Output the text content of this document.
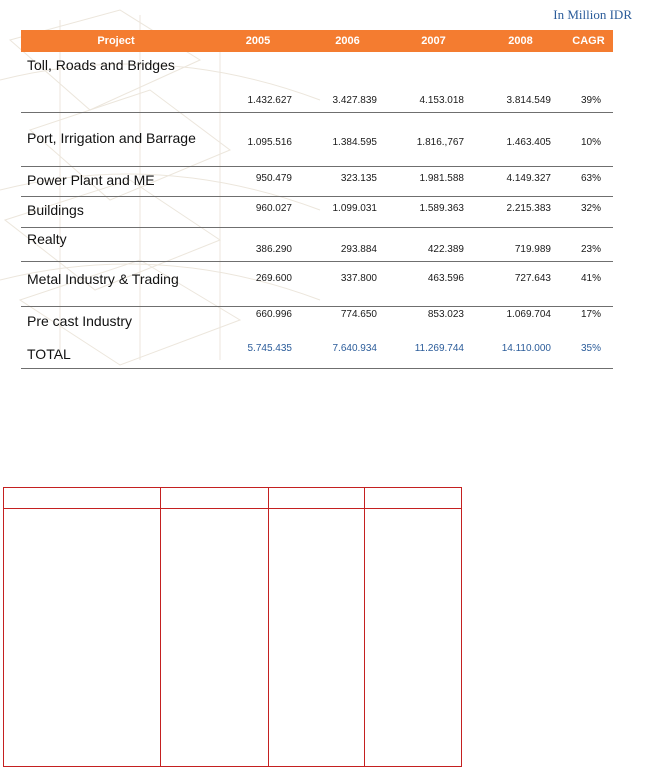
In Million IDR
Project	2005	2006	2007	2008	CAGR
Toll, Roads and Bridges	1.432.627	3.427.839	4.153.018	3.814.549	39%
Port, Irrigation and Barrage	1.095.516	1.384.595	1.816.,767	1.463.405	10%
Power Plant and ME	950.479	323.135	1.981.588	4.149.327	63%
Buildings	960.027	1.099.031	1.589.363	2.215.383	32%
Realty	386.290	293.884	422.389	719.989	23%
Metal Industry & Trading	269.600	337.800	463.596	727.643	41%
Pre cast Industry	660.996	774.650	853.023	1.069.704	17%
TOTAL	5.745.435	7.640.934	11.269.744	14.110.000	35%
